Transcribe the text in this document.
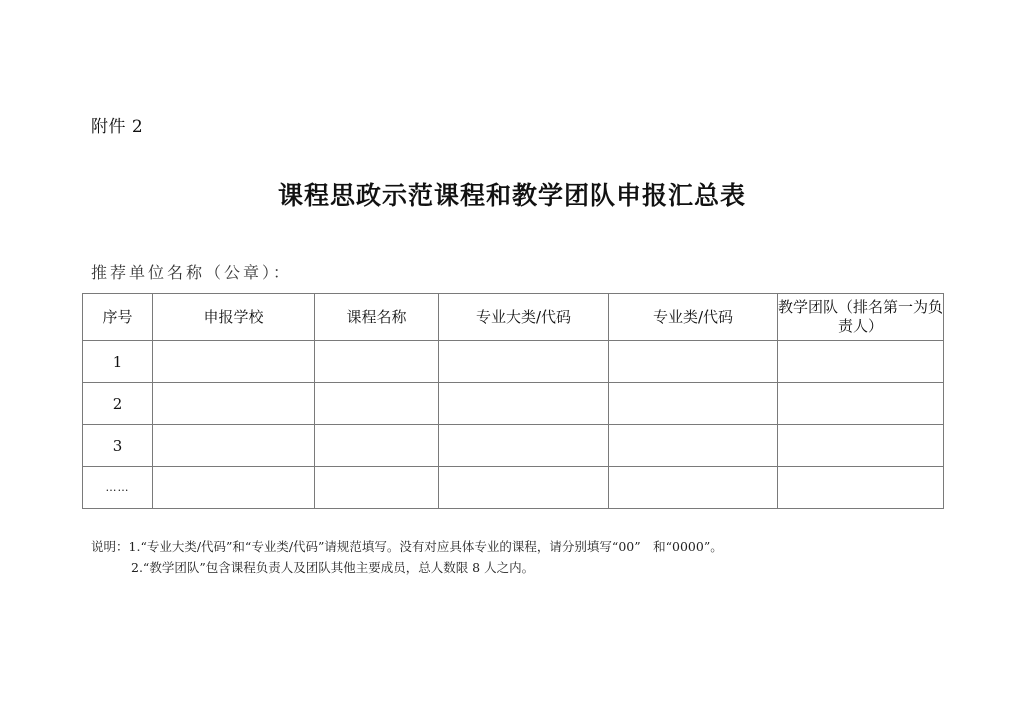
附件 2
课程思政示范课程和教学团队申报汇总表
推荐单位名称（公章）：
序号	申报学校	课程名称	专业大类/代码	专业类/代码	教学团队（排名第一为负责人）
1					
2					
3					
……					
说明：1.“专业大类/代码”和“专业类/代码”请规范填写。没有对应具体专业的课程，请分别填写“00”　和“0000”。
2.“教学团队”包含课程负责人及团队其他主要成员，总人数限 8 人之内。
